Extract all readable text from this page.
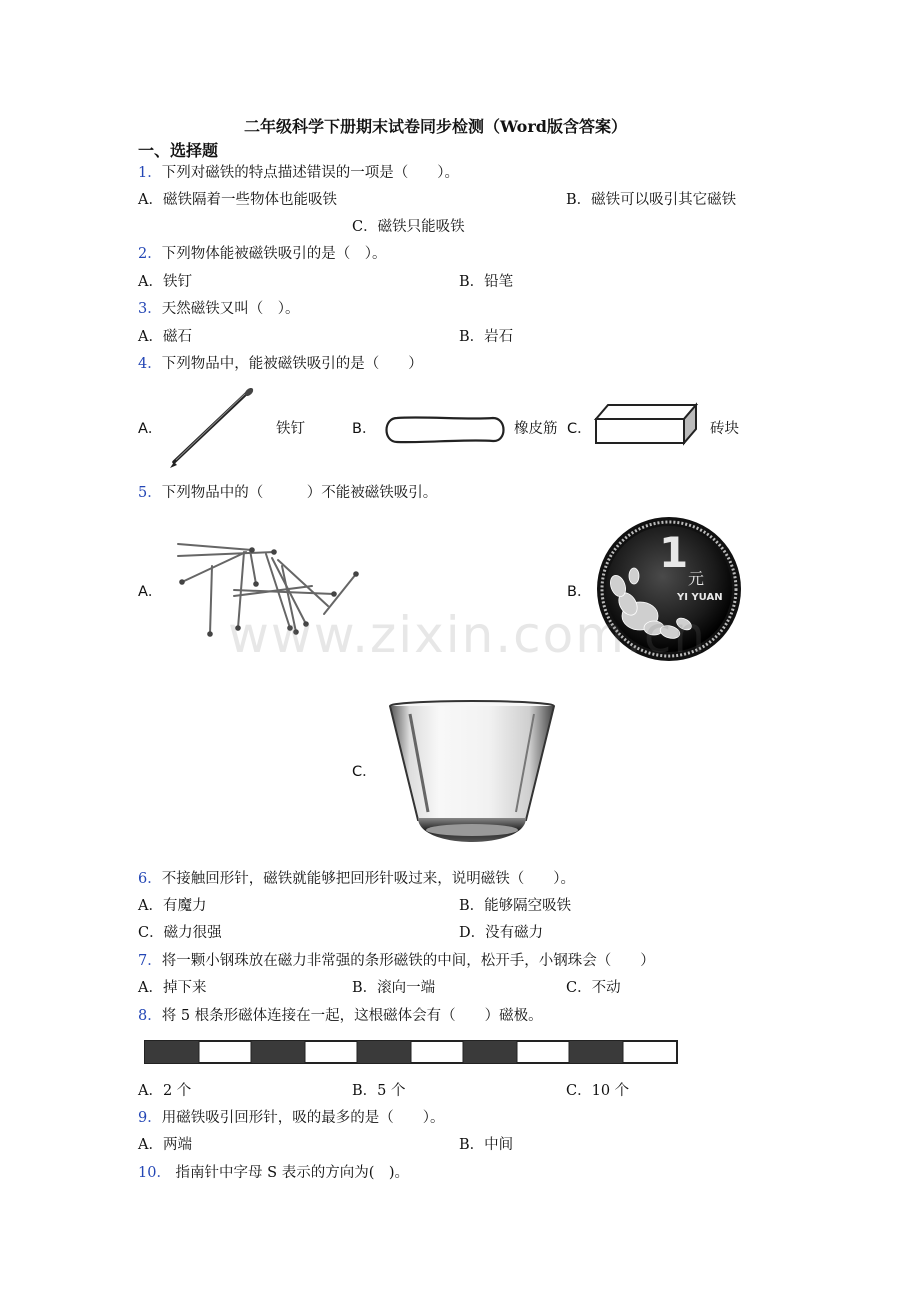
二年级科学下册期末试卷同步检测（Word版含答案）
一、选择题
1．下列对磁铁的特点描述错误的一项是（　　）。
A．磁铁隔着一些物体也能吸铁	B．磁铁可以吸引其它磁铁
C．磁铁只能吸铁
2．下列物体能被磁铁吸引的是（　）。
A．铁钉	B．铅笔
3．天然磁铁又叫（　）。
A．磁石	B．岩石
4．下列物品中，能被磁铁吸引的是（　　）
A．	铁钉	B．	橡皮筋 C．	砖块
5．下列物品中的（　　　）不能被磁铁吸引。
A．	B．
1
元
YI YUAN
www.zixin.com.cn
C．
6．不接触回形针，磁铁就能够把回形针吸过来，说明磁铁（　　）。
A．有魔力	B．能够隔空吸铁
C．磁力很强	D．没有磁力
7．将一颗小钢珠放在磁力非常强的条形磁铁的中间，松开手，小钢珠会（　　）
A．掉下来	B．滚向一端	C．不动
8．将 5 根条形磁体连接在一起，这根磁体会有（　　）磁极。
A．2 个	B．5 个	C．10 个
9．用磁铁吸引回形针，吸的最多的是（　　）。
A．两端	B．中间
10． 指南针中字母 S 表示的方向为(　)。
